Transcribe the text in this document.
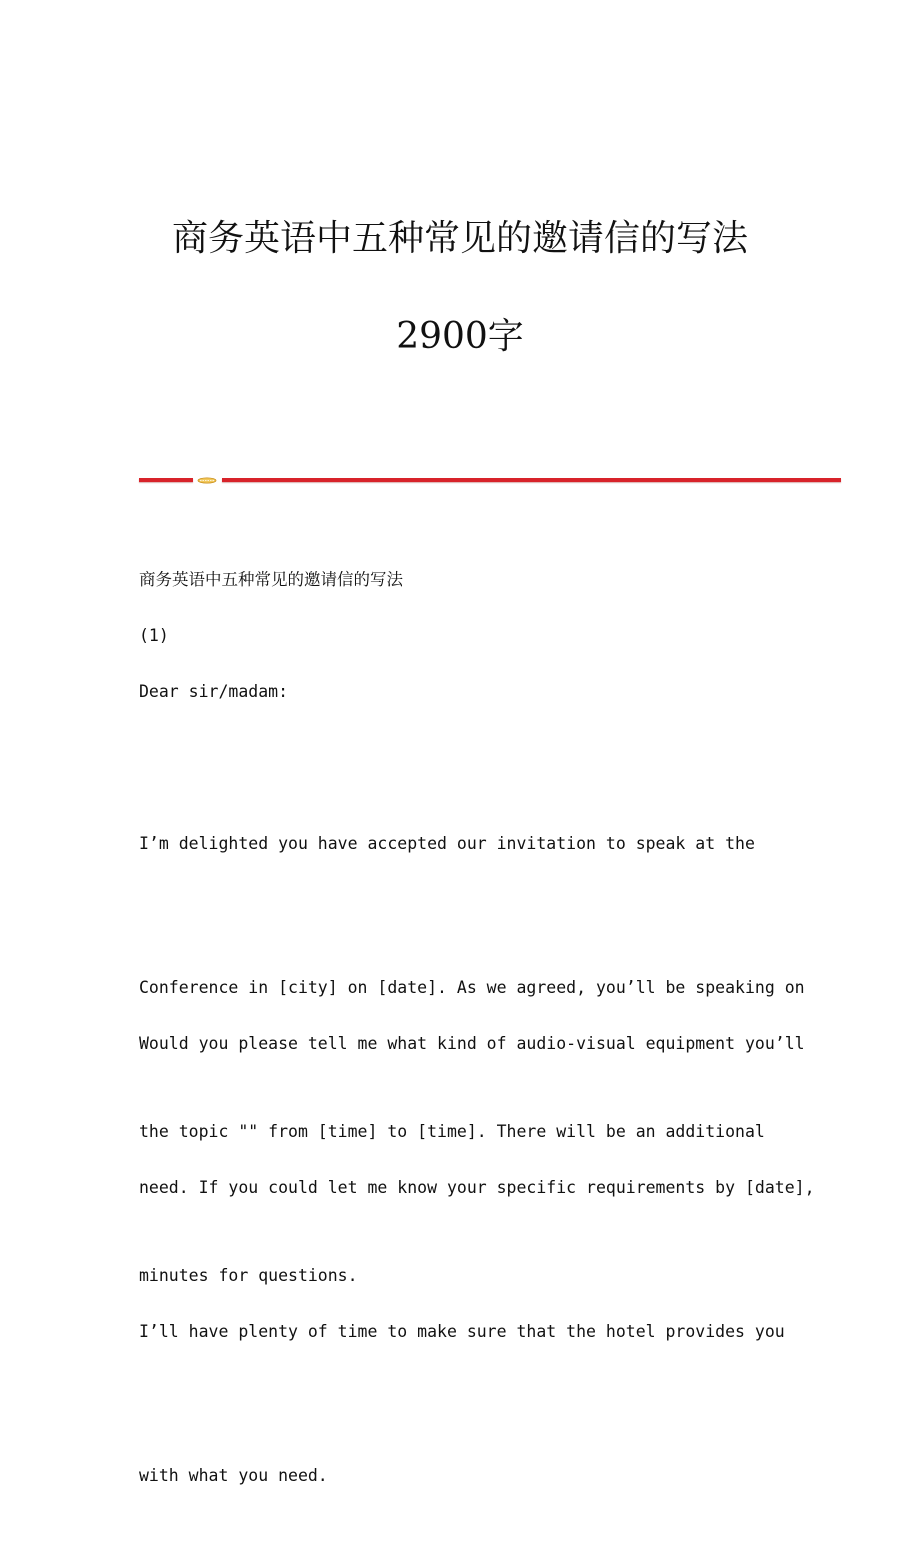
商务英语中五种常见的邀请信的写法
2900字

商务英语中五种常见的邀请信的写法

(1)

Dear sir/madam:

I’m delighted you have accepted our invitation to speak at the

Conference in [city] on [date]. As we agreed, you’ll be speaking on

the topic "" from [time] to [time]. There will be an additional

minutes for questions.

Would you please tell me what kind of audio-visual equipment you’ll

need. If you could let me know your specific requirements by [date],

I’ll have plenty of time to make sure that the hotel provides you

with what you need.
